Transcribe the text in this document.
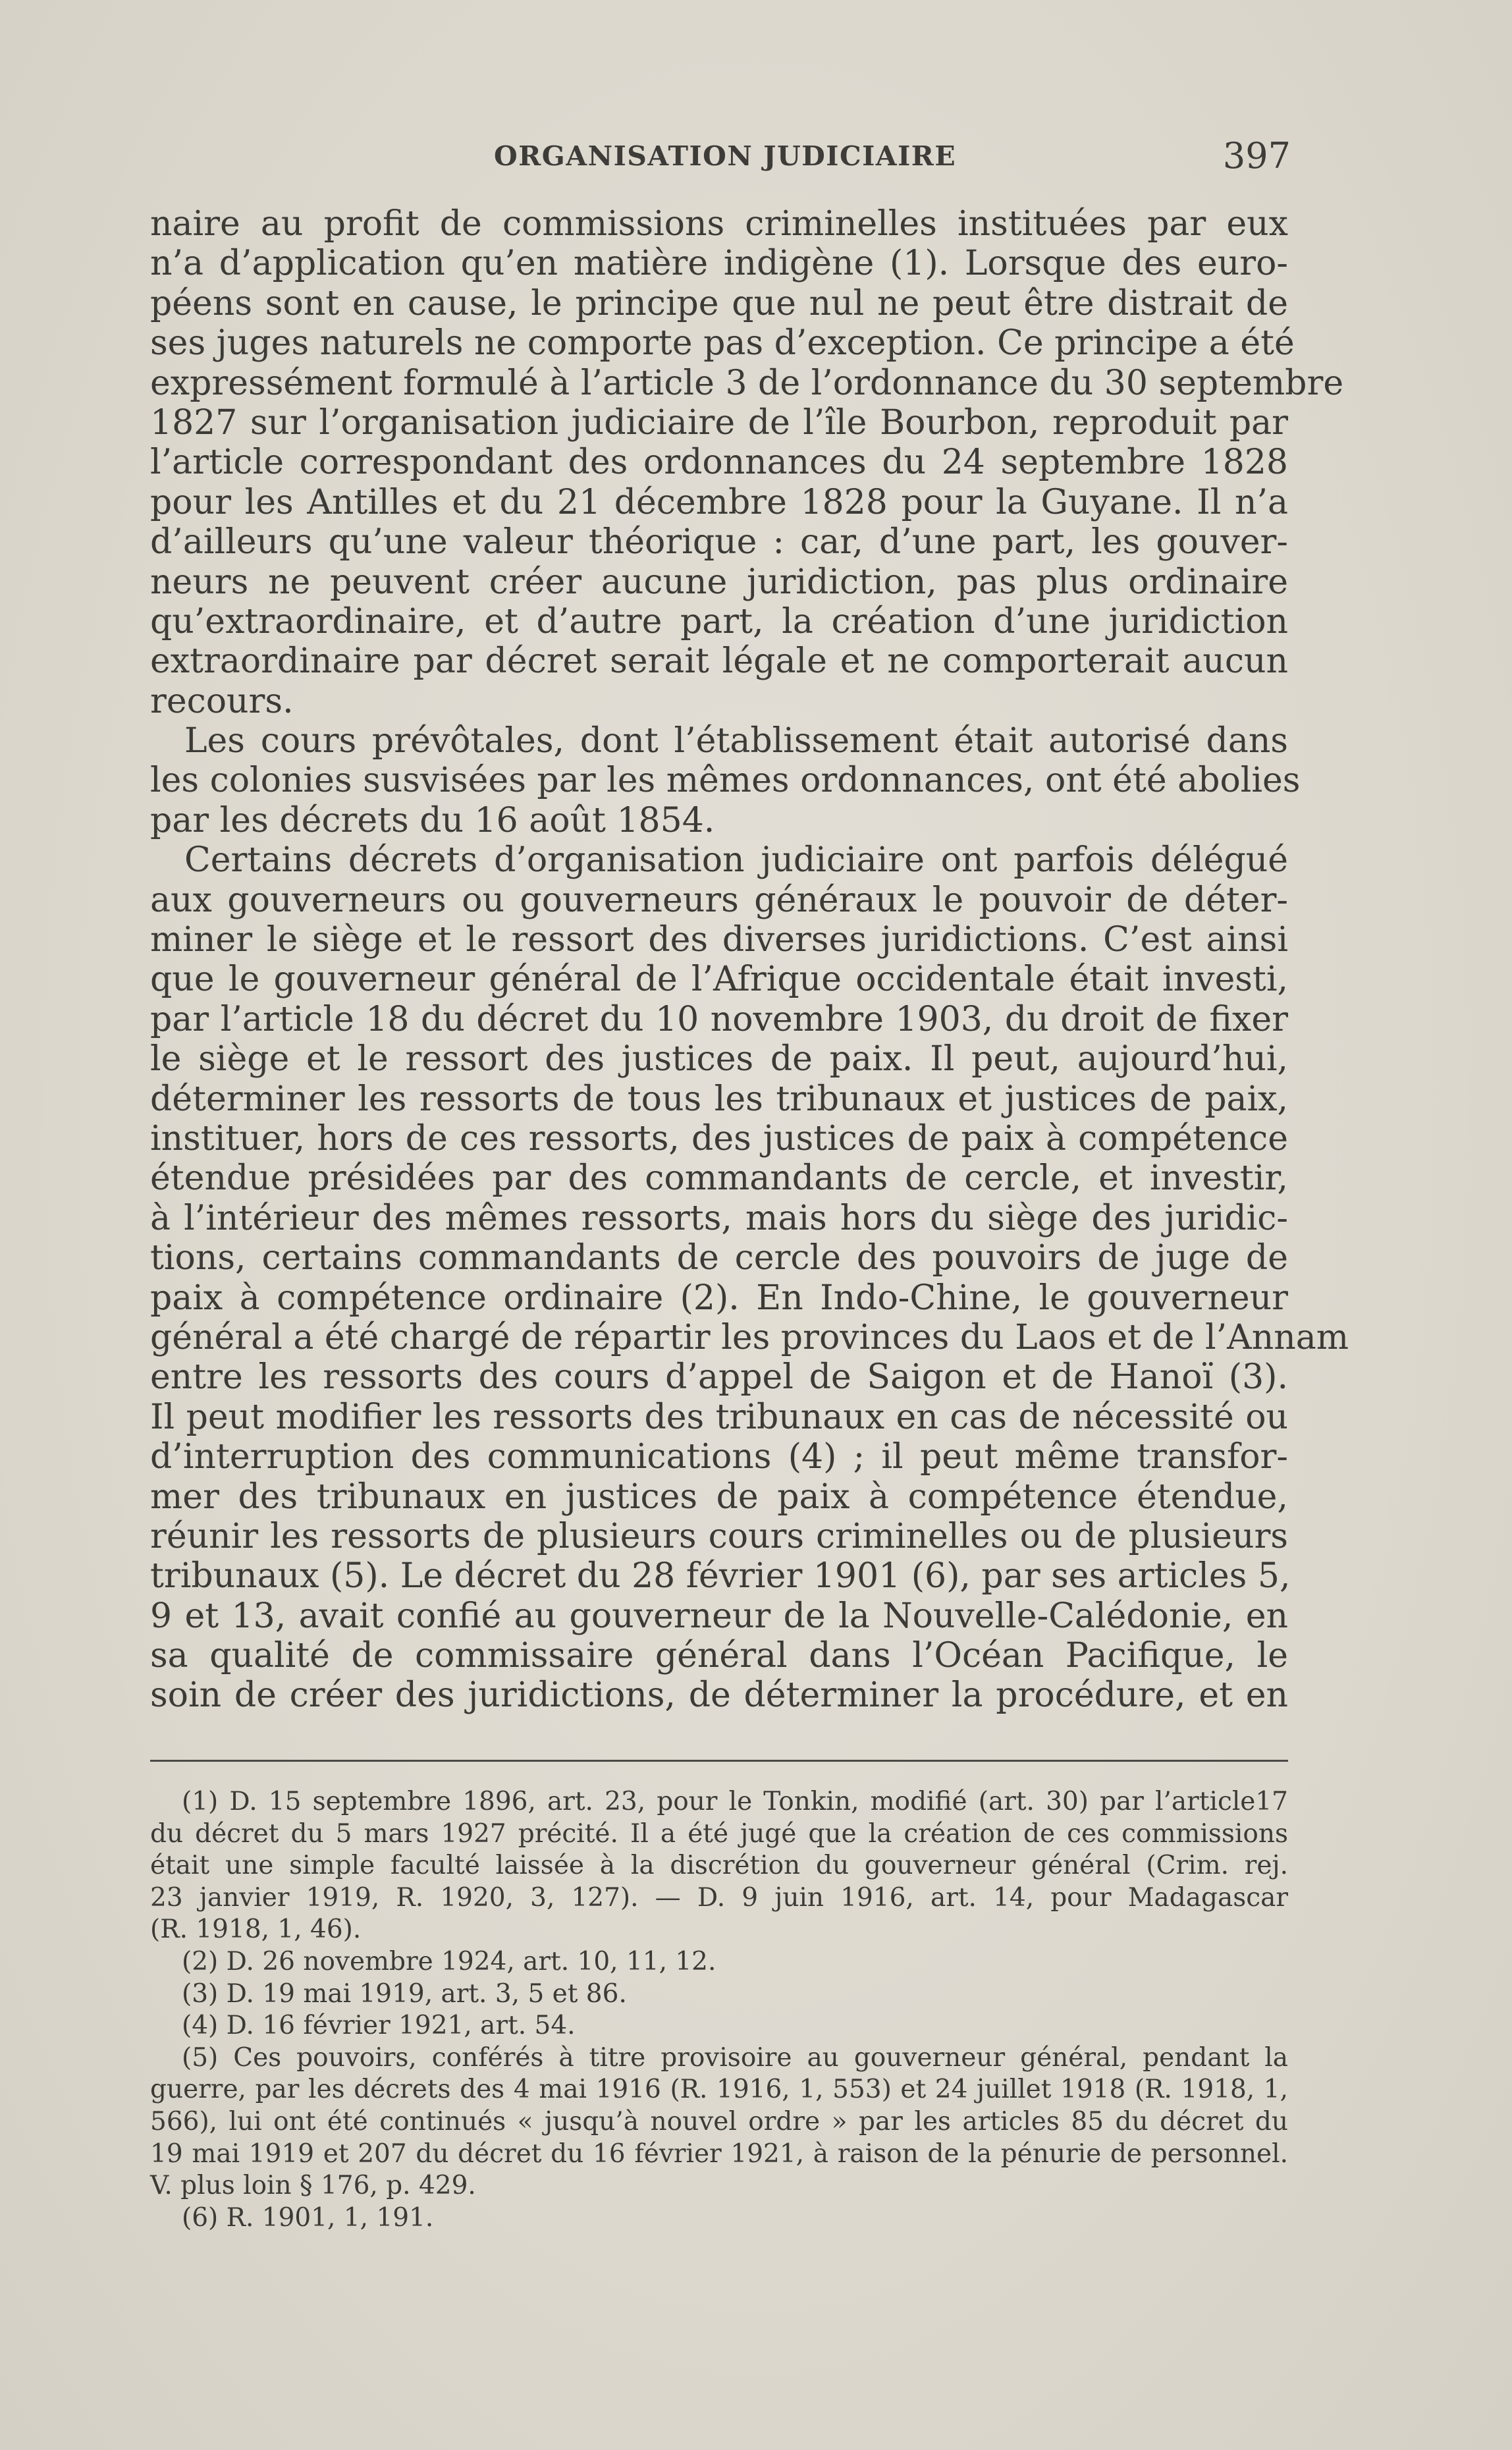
ORGANISATION JUDICIAIRE	397
naire au profit de commissions criminelles instituées par eux
n’a d’application qu’en matière indigène (1). Lorsque des euro-
péens sont en cause, le principe que nul ne peut être distrait de
ses juges naturels ne comporte pas d’exception. Ce principe a été
expressément formulé à l’article 3 de l’ordonnance du 30 septembre
1827 sur l’organisation judiciaire de l’île Bourbon, reproduit par
l’article correspondant des ordonnances du 24 septembre 1828
pour les Antilles et du 21 décembre 1828 pour la Guyane. Il n’a
d’ailleurs qu’une valeur théorique : car, d’une part, les gouver-
neurs ne peuvent créer aucune juridiction, pas plus ordinaire
qu’extraordinaire, et d’autre part, la création d’une juridiction
extraordinaire par décret serait légale et ne comporterait aucun
recours.
Les cours prévôtales, dont l’établissement était autorisé dans
les colonies susvisées par les mêmes ordonnances, ont été abolies
par les décrets du 16 août 1854.
Certains décrets d’organisation judiciaire ont parfois délégué
aux gouverneurs ou gouverneurs généraux le pouvoir de déter-
miner le siège et le ressort des diverses juridictions. C’est ainsi
que le gouverneur général de l’Afrique occidentale était investi,
par l’article 18 du décret du 10 novembre 1903, du droit de fixer
le siège et le ressort des justices de paix. Il peut, aujourd’hui,
déterminer les ressorts de tous les tribunaux et justices de paix,
instituer, hors de ces ressorts, des justices de paix à compétence
étendue présidées par des commandants de cercle, et investir,
à l’intérieur des mêmes ressorts, mais hors du siège des juridic-
tions, certains commandants de cercle des pouvoirs de juge de
paix à compétence ordinaire (2). En Indo-Chine, le gouverneur
général a été chargé de répartir les provinces du Laos et de l’Annam
entre les ressorts des cours d’appel de Saigon et de Hanoï (3).
Il peut modifier les ressorts des tribunaux en cas de nécessité ou
d’interruption des communications (4) ; il peut même transfor-
mer des tribunaux en justices de paix à compétence étendue,
réunir les ressorts de plusieurs cours criminelles ou de plusieurs
tribunaux (5). Le décret du 28 février 1901 (6), par ses articles 5,
9 et 13, avait confié au gouverneur de la Nouvelle-Calédonie, en
sa qualité de commissaire général dans l’Océan Pacifique, le
soin de créer des juridictions, de déterminer la procédure, et en
(1) D. 15 septembre 1896, art. 23, pour le Tonkin, modifié (art. 30) par l’article17
du décret du 5 mars 1927 précité. Il a été jugé que la création de ces commissions
était une simple faculté laissée à la discrétion du gouverneur général (Crim. rej.
23 janvier 1919, R. 1920, 3, 127). — D. 9 juin 1916, art. 14, pour Madagascar
(R. 1918, 1, 46).
(2) D. 26 novembre 1924, art. 10, 11, 12.
(3) D. 19 mai 1919, art. 3, 5 et 86.
(4) D. 16 février 1921, art. 54.
(5) Ces pouvoirs, conférés à titre provisoire au gouverneur général, pendant la
guerre, par les décrets des 4 mai 1916 (R. 1916, 1, 553) et 24 juillet 1918 (R. 1918, 1,
566), lui ont été continués « jusqu’à nouvel ordre » par les articles 85 du décret du
19 mai 1919 et 207 du décret du 16 février 1921, à raison de la pénurie de personnel.
V. plus loin § 176, p. 429.
(6) R. 1901, 1, 191.
